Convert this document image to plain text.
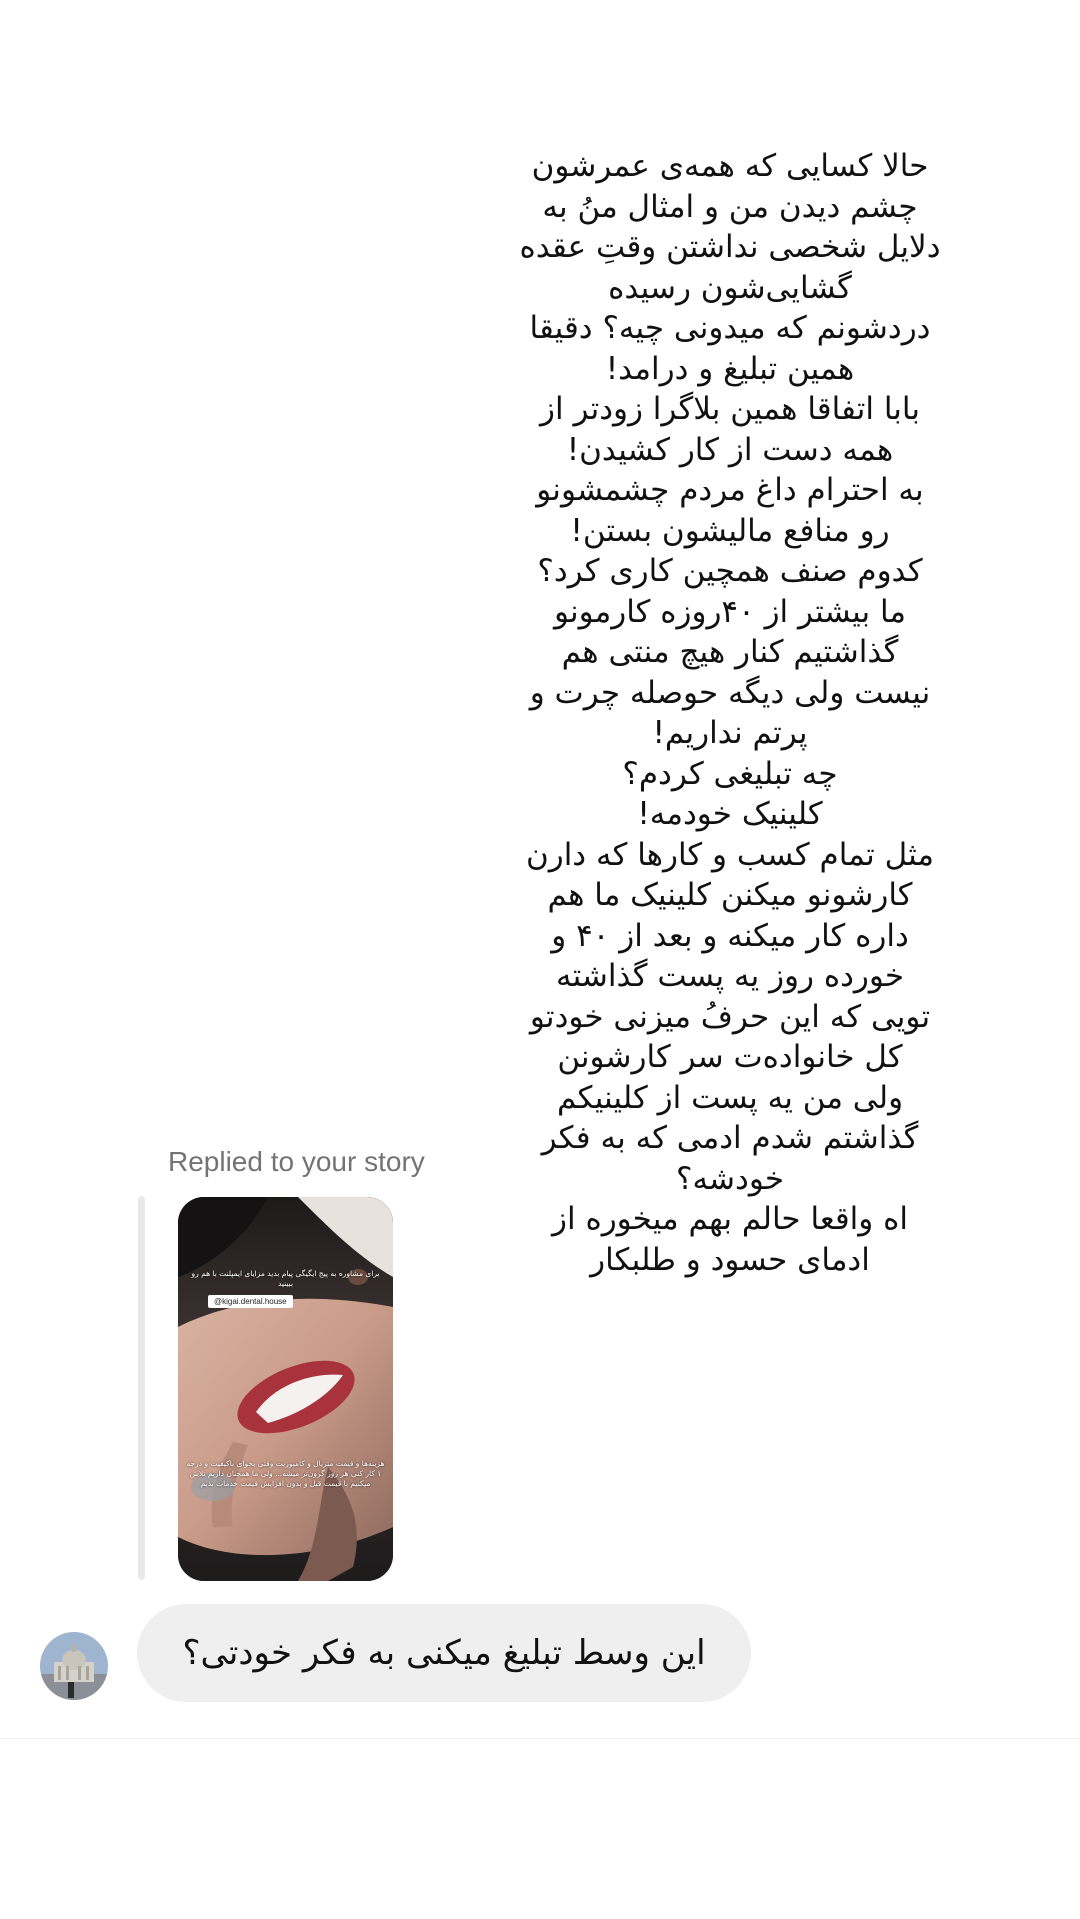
حالا کسایی که همه‌ی عمرشون
چشم دیدن من و امثال منُ به
دلایل شخصی نداشتن وقتِ عقده
گشایی‌شون رسیده
دردشونم که میدونی چیه؟ دقیقا
همین تبلیغ و درامد!
بابا اتفاقا همین بلاگرا زودتر از
همه دست از کار کشیدن!
به احترام داغ مردم چشمشونو
رو منافع مالیشون بستن!
کدوم صنف همچین کاری کرد؟
ما بیشتر از ۴۰روزه کارمونو
گذاشتیم کنار هیچ منتی هم
نیست ولی دیگه حوصله چرت و
پرتم نداریم!
چه تبلیغی کردم؟
کلینیک خودمه!
مثل تمام کسب و کارها که دارن
کارشونو میکنن کلینیک ما هم
داره کار میکنه و بعد از ۴۰ و
خورده روز یه پست گذاشته
تویی که این حرفُ میزنی خودتو
کل خانوادەت سر کارشونن
ولی من یه پست از کلینیکم
گذاشتم شدم ادمی که به فکر
خودشه؟
اه واقعا حالم بهم میخوره از
ادمای حسود و طلبکار
Replied to your story
برای مشاوره به پیج ایگیگی پیام بدید مزایای ایمپلنت با هم رو ببینید
@kigai.dental.house
هزینه‌ها و قیمت متریال و کامپوزیت وقتی بخوای باکیفیت و درجه ۱ کار کنی هر روز گرون‌تر میشه... ولی ما همچنان داریم تلاش میکنیم با قیمت قبل و بدون افزایش قیمت خدمات بدیم
این وسط تبلیغ میکنی به فکر خودتی؟
